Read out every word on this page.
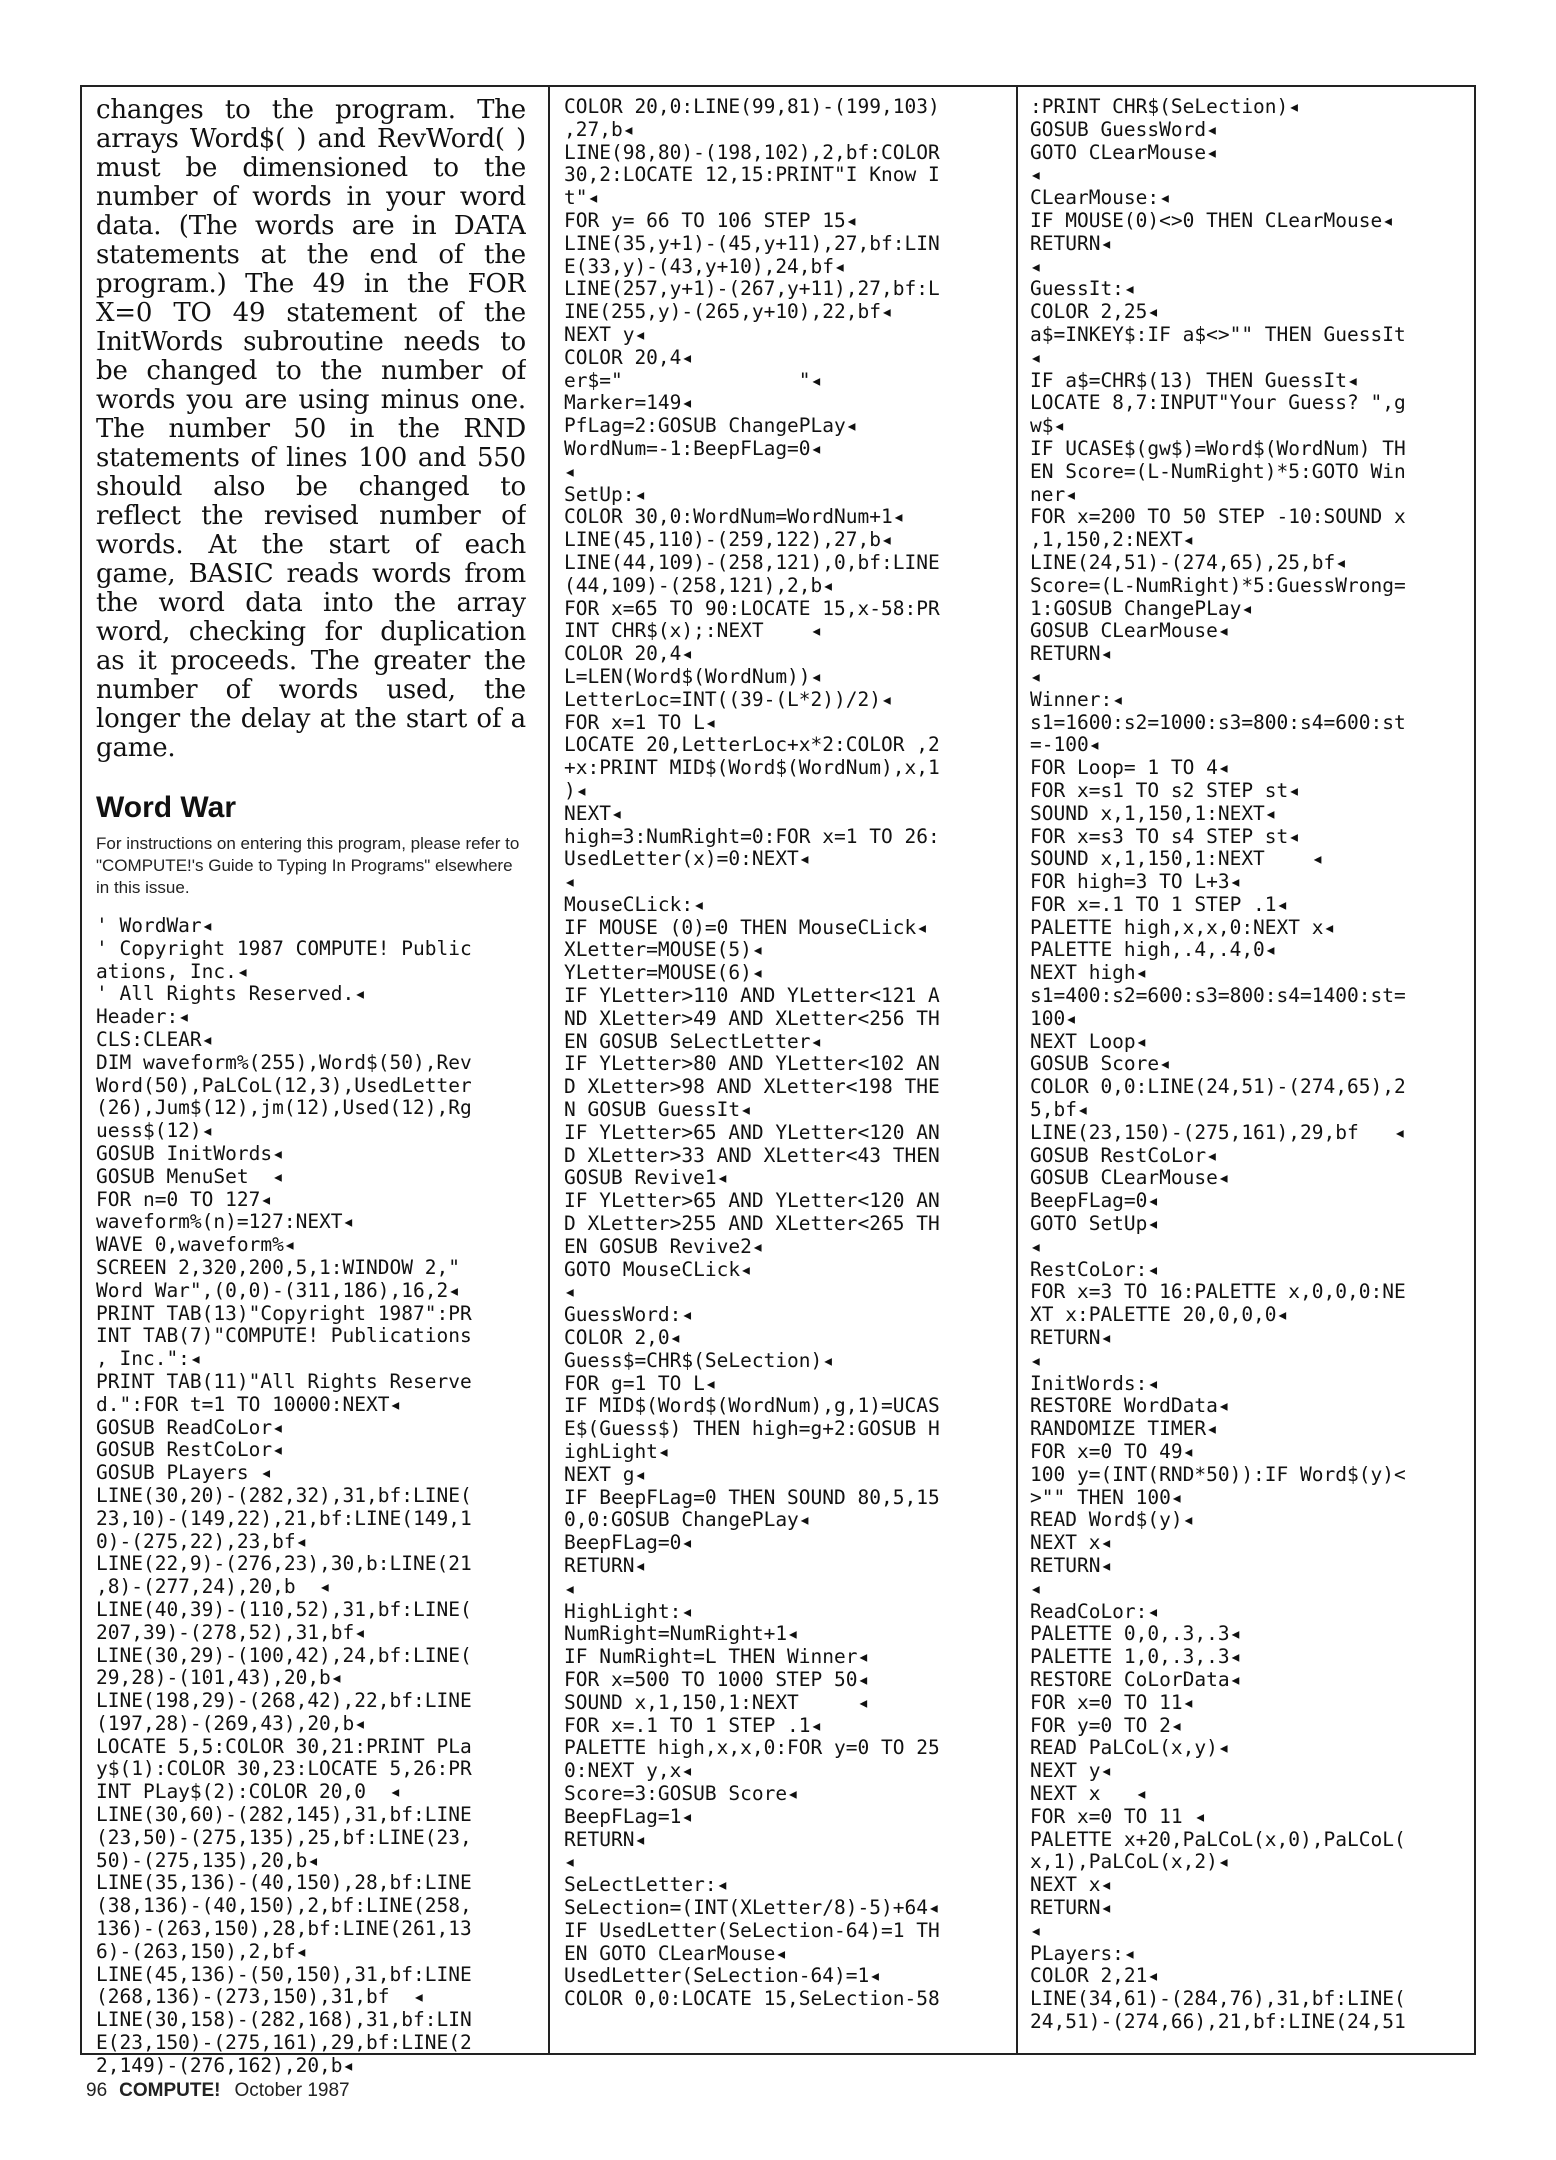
changes to the program. The arrays Word$( ) and RevWord( ) must be dimensioned to the number of words in your word data. (The words are in DATA statements at the end of the program.) The 49 in the FOR X=0 TO 49 statement of the InitWords subroutine needs to be changed to the number of words you are using minus one. The number 50 in the RND statements of lines 100 and 550 should also be changed to reflect the revised number of words. At the start of each game, BASIC reads words from the word data into the array word, checking for duplication as it proceeds. The greater the number of words used, the longer the delay at the start of a game.

Word War

For instructions on entering this program, please refer to "COMPUTE!'s Guide to Typing In Programs" elsewhere in this issue.

' WordWar◂
' Copyright 1987 COMPUTE! Public
ations, Inc.◂
' All Rights Reserved.◂
Header:◂
CLS:CLEAR◂
DIM waveform%(255),Word$(50),Rev
Word(50),PaLCoL(12,3),UsedLetter
(26),Jum$(12),jm(12),Used(12),Rg
uess$(12)◂
GOSUB InitWords◂
GOSUB MenuSet  ◂
FOR n=0 TO 127◂
waveform%(n)=127:NEXT◂
WAVE 0,waveform%◂
SCREEN 2,320,200,5,1:WINDOW 2,"
Word War",(0,0)-(311,186),16,2◂
PRINT TAB(13)"Copyright 1987":PR
INT TAB(7)"COMPUTE! Publications
, Inc.":◂
PRINT TAB(11)"All Rights Reserve
d.":FOR t=1 TO 10000:NEXT◂
GOSUB ReadCoLor◂
GOSUB RestCoLor◂
GOSUB PLayers ◂
LINE(30,20)-(282,32),31,bf:LINE(
23,10)-(149,22),21,bf:LINE(149,1
0)-(275,22),23,bf◂
LINE(22,9)-(276,23),30,b:LINE(21
,8)-(277,24),20,b  ◂
LINE(40,39)-(110,52),31,bf:LINE(
207,39)-(278,52),31,bf◂
LINE(30,29)-(100,42),24,bf:LINE(
29,28)-(101,43),20,b◂
LINE(198,29)-(268,42),22,bf:LINE
(197,28)-(269,43),20,b◂
LOCATE 5,5:COLOR 30,21:PRINT PLa
y$(1):COLOR 30,23:LOCATE 5,26:PR
INT PLay$(2):COLOR 20,0  ◂
LINE(30,60)-(282,145),31,bf:LINE
(23,50)-(275,135),25,bf:LINE(23,
50)-(275,135),20,b◂
LINE(35,136)-(40,150),28,bf:LINE
(38,136)-(40,150),2,bf:LINE(258,
136)-(263,150),28,bf:LINE(261,13
6)-(263,150),2,bf◂
LINE(45,136)-(50,150),31,bf:LINE
(268,136)-(273,150),31,bf  ◂
LINE(30,158)-(282,168),31,bf:LIN
E(23,150)-(275,161),29,bf:LINE(2
2,149)-(276,162),20,b◂
COLOR 20,0:LINE(99,81)-(199,103)
,27,b◂
LINE(98,80)-(198,102),2,bf:COLOR
30,2:LOCATE 12,15:PRINT"I Know I
t"◂
FOR y= 66 TO 106 STEP 15◂
LINE(35,y+1)-(45,y+11),27,bf:LIN
E(33,y)-(43,y+10),24,bf◂
LINE(257,y+1)-(267,y+11),27,bf:L
INE(255,y)-(265,y+10),22,bf◂
NEXT y◂
COLOR 20,4◂
er$="               "◂
Marker=149◂
PfLag=2:GOSUB ChangePLay◂
WordNum=-1:BeepFLag=0◂
◂
SetUp:◂
COLOR 30,0:WordNum=WordNum+1◂
LINE(45,110)-(259,122),27,b◂
LINE(44,109)-(258,121),0,bf:LINE
(44,109)-(258,121),2,b◂
FOR x=65 TO 90:LOCATE 15,x-58:PR
INT CHR$(x);:NEXT    ◂
COLOR 20,4◂
L=LEN(Word$(WordNum))◂
LetterLoc=INT((39-(L*2))/2)◂
FOR x=1 TO L◂
LOCATE 20,LetterLoc+x*2:COLOR ,2
+x:PRINT MID$(Word$(WordNum),x,1
)◂
NEXT◂
high=3:NumRight=0:FOR x=1 TO 26:
UsedLetter(x)=0:NEXT◂
◂
MouseCLick:◂
IF MOUSE (0)=0 THEN MouseCLick◂
XLetter=MOUSE(5)◂
YLetter=MOUSE(6)◂
IF YLetter>110 AND YLetter<121 A
ND XLetter>49 AND XLetter<256 TH
EN GOSUB SeLectLetter◂
IF YLetter>80 AND YLetter<102 AN
D XLetter>98 AND XLetter<198 THE
N GOSUB GuessIt◂
IF YLetter>65 AND YLetter<120 AN
D XLetter>33 AND XLetter<43 THEN
GOSUB Revive1◂
IF YLetter>65 AND YLetter<120 AN
D XLetter>255 AND XLetter<265 TH
EN GOSUB Revive2◂
GOTO MouseCLick◂
◂
GuessWord:◂
COLOR 2,0◂
Guess$=CHR$(SeLection)◂
FOR g=1 TO L◂
IF MID$(Word$(WordNum),g,1)=UCAS
E$(Guess$) THEN high=g+2:GOSUB H
ighLight◂
NEXT g◂
IF BeepFLag=0 THEN SOUND 80,5,15
0,0:GOSUB ChangePLay◂
BeepFLag=0◂
RETURN◂
◂
HighLight:◂
NumRight=NumRight+1◂
IF NumRight=L THEN Winner◂
FOR x=500 TO 1000 STEP 50◂
SOUND x,1,150,1:NEXT     ◂
FOR x=.1 TO 1 STEP .1◂
PALETTE high,x,x,0:FOR y=0 TO 25
0:NEXT y,x◂
Score=3:GOSUB Score◂
BeepFLag=1◂
RETURN◂
◂
SeLectLetter:◂
SeLection=(INT(XLetter/8)-5)+64◂
IF UsedLetter(SeLection-64)=1 TH
EN GOTO CLearMouse◂
UsedLetter(SeLection-64)=1◂
COLOR 0,0:LOCATE 15,SeLection-58
:PRINT CHR$(SeLection)◂
GOSUB GuessWord◂
GOTO CLearMouse◂
◂
CLearMouse:◂
IF MOUSE(0)<>0 THEN CLearMouse◂
RETURN◂
◂
GuessIt:◂
COLOR 2,25◂
a$=INKEY$:IF a$<>"" THEN GuessIt
◂
IF a$=CHR$(13) THEN GuessIt◂
LOCATE 8,7:INPUT"Your Guess? ",g
w$◂
IF UCASE$(gw$)=Word$(WordNum) TH
EN Score=(L-NumRight)*5:GOTO Win
ner◂
FOR x=200 TO 50 STEP -10:SOUND x
,1,150,2:NEXT◂
LINE(24,51)-(274,65),25,bf◂
Score=(L-NumRight)*5:GuessWrong=
1:GOSUB ChangePLay◂
GOSUB CLearMouse◂
RETURN◂
◂
Winner:◂
s1=1600:s2=1000:s3=800:s4=600:st
=-100◂
FOR Loop= 1 TO 4◂
FOR x=s1 TO s2 STEP st◂
SOUND x,1,150,1:NEXT◂
FOR x=s3 TO s4 STEP st◂
SOUND x,1,150,1:NEXT    ◂
FOR high=3 TO L+3◂
FOR x=.1 TO 1 STEP .1◂
PALETTE high,x,x,0:NEXT x◂
PALETTE high,.4,.4,0◂
NEXT high◂
s1=400:s2=600:s3=800:s4=1400:st=
100◂
NEXT Loop◂
GOSUB Score◂
COLOR 0,0:LINE(24,51)-(274,65),2
5,bf◂
LINE(23,150)-(275,161),29,bf   ◂
GOSUB RestCoLor◂
GOSUB CLearMouse◂
BeepFLag=0◂
GOTO SetUp◂
◂
RestCoLor:◂
FOR x=3 TO 16:PALETTE x,0,0,0:NE
XT x:PALETTE 20,0,0,0◂
RETURN◂
◂
InitWords:◂
RESTORE WordData◂
RANDOMIZE TIMER◂
FOR x=0 TO 49◂
100 y=(INT(RND*50)):IF Word$(y)<
>"" THEN 100◂
READ Word$(y)◂
NEXT x◂
RETURN◂
◂
ReadCoLor:◂
PALETTE 0,0,.3,.3◂
PALETTE 1,0,.3,.3◂
RESTORE CoLorData◂
FOR x=0 TO 11◂
FOR y=0 TO 2◂
READ PaLCoL(x,y)◂
NEXT y◂
NEXT x   ◂
FOR x=0 TO 11 ◂
PALETTE x+20,PaLCoL(x,0),PaLCoL(
x,1),PaLCoL(x,2)◂
NEXT x◂
RETURN◂
◂
PLayers:◂
COLOR 2,21◂
LINE(34,61)-(284,76),31,bf:LINE(
24,51)-(274,66),21,bf:LINE(24,51
96 COMPUTE! October 1987
